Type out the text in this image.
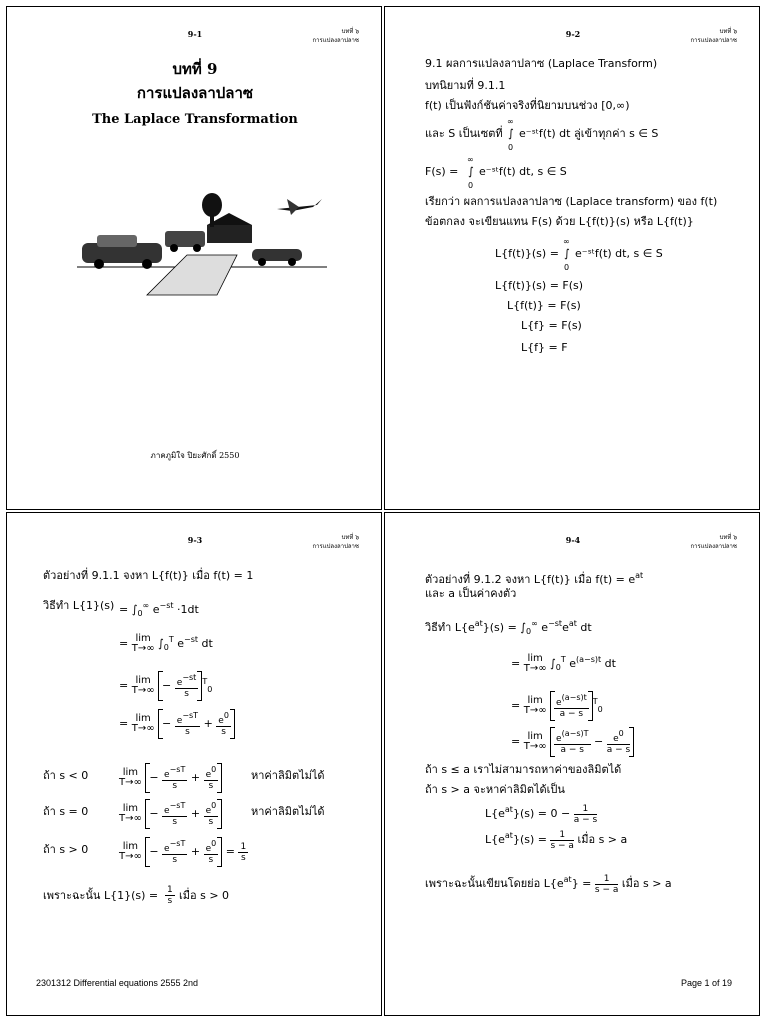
9-1	บทที่ ๖
การแปลงลาปลาซ
บทที่ 9
การแปลงลาปลาซ
The Laplace Transformation
ภาคภูมิใจ ปิยะศักดิ์ 2550
9-2	บทที่ ๖
การแปลงลาปลาซ
9.1 ผลการแปลงลาปลาซ (Laplace Transform)
บทนิยามที่ 9.1.1
f(t) เป็นฟังก์ชันค่าจริงที่นิยามบนช่วง [0,∞)
และ S เป็นเซตที่
∞
∫
0
e⁻ˢᵗf(t) dt ลู่เข้าทุกค่า s ∈ S
F(s) =
∞
∫
0
e⁻ˢᵗf(t) dt, s ∈ S
เรียกว่า ผลการแปลงลาปลาซ (Laplace transform) ของ f(t)
ข้อตกลง จะเขียนแทน F(s) ด้วย L{f(t)}(s) หรือ L{f(t)}
L{f(t)}(s) =
∞
∫
0
e⁻ˢᵗf(t) dt, s ∈ S
L{f(t)}(s) = F(s)
L{f(t)} = F(s)
L{f} = F(s)
L{f} = F
9-3	บทที่ ๖
การแปลงลาปลาซ
ตัวอย่างที่ 9.1.1 จงหา L{f(t)} เมื่อ f(t) = 1
วิธีทำ $L\{1\}(s) = \int_0^\infty$ $e^{-st} \cdot 1dt$
= lim
T→∞ $\int_0^T$ $e^{-st}$ dt
= lim
$T\to\infty - e^{-st}$
$s^T_0$
= lim
$T\to\infty - e^{-sT}$
$s + e^0$
s
ถ้า s < 0	lim
$T\to\infty - e^{-sT}$
$s + e^0$
s
หาค่าลิมิตไม่ได้
ถ้า s = 0	lim
$T\to\infty - e^{-sT}$
$s + e^0$
s
หาค่าลิมิตไม่ได้
ถ้า s > 0	lim
$T\to\infty - e^{-sT}$
$s + e^0$
s = 1
s
เพราะฉะนั้น L{1}(s) = 1
s เมื่อ s > 0
9-4	บทที่ ๖
การแปลงลาปลาซ
ตัวอย่างที่ 9.1.2 จงหา L{f(t)} เมื่อ $f(t) = e^{at}$
และ a เป็นค่าคงตัว
วิธีทำ $L\{e^{at}\}(s) = \int_0^\infty$ $e^{-st}e^{at}$ dt
= lim
T→∞ $\int_0^T$ $e^{(a-s)t}$ dt
= lim
T→∞
$e^{(a-s)t}$
$a - s^T_0$
= lim
T→∞
$e^{(a-s)T}$
$a - s - e^0$
a − s
ถ้า s ≤ a เราไม่สามารถหาค่าของลิมิตได้
ถ้า s > a จะหาค่าลิมิตได้เป็น
$L\{e^{at}\}(s) = 0 - 1$
a − s
$L\{e^{at}\}(s) = 1$
s − a เมื่อ s > a
เพราะฉะนั้นเขียนโดยย่อ $L\{e^{at}\} = 1$
s − a เมื่อ s > a
2301312 Differential equations 2555 2nd	Page 1 of 19
